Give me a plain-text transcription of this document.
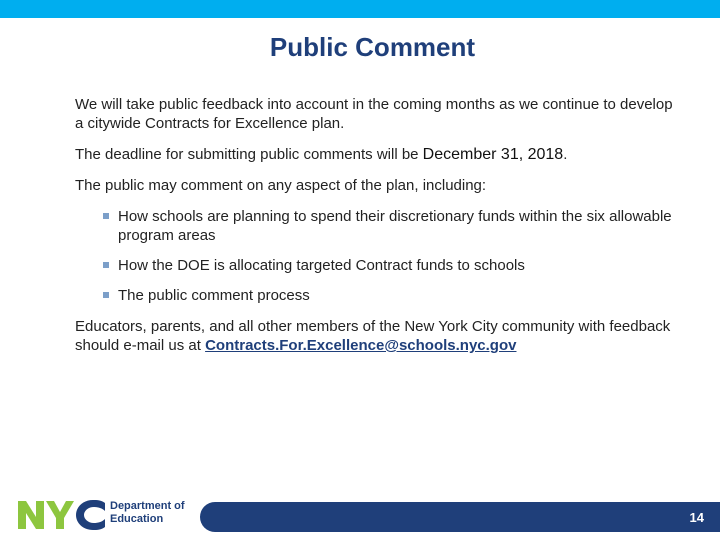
Public Comment

We will take public feedback into account in the coming months as we continue to develop a citywide Contracts for Excellence plan.

The deadline for submitting public comments will be December 31, 2018.

The public may comment on any aspect of the plan, including:

How schools are planning to spend their discretionary funds within the six allowable program areas
How the DOE is allocating targeted Contract funds to schools
The public comment process

Educators, parents, and all other members of the New York City community with feedback should e-mail us at Contracts.For.Excellence@schools.nyc.gov

Department of
Education	14
